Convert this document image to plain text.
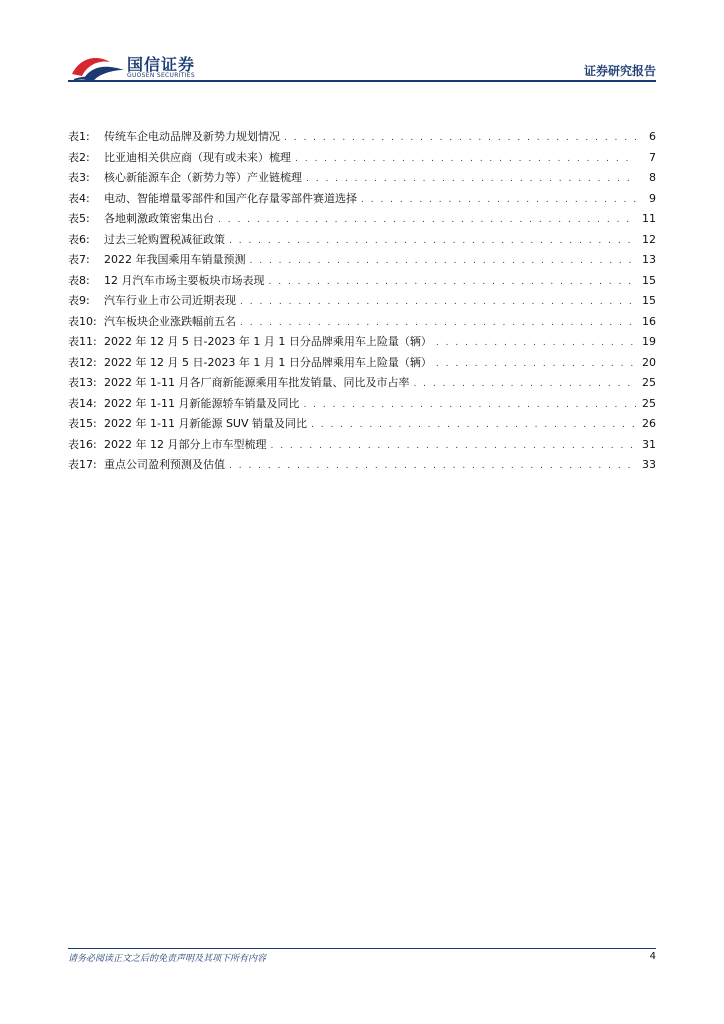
国信证券
GUOSEN SECURITIES	证券研究报告
表1:	传统车企电动品牌及新势力规划情况 . . .	6
表2:	比亚迪相关供应商（现有或未来）梳理 . . .	7
表3:	核心新能源车企（新势力等）产业链梳理 . . .	8
表4:	电动、智能增量零部件和国产化存量零部件赛道选择 . . .	9
表5:	各地刺激政策密集出台 . . .	11
表6:	过去三轮购置税减征政策 . . .	12
表7:	2022 年我国乘用车销量预测 . . .	13
表8:	12 月汽车市场主要板块市场表现 . . .	15
表9:	汽车行业上市公司近期表现 . . .	15
表10: 汽车板块企业涨跌幅前五名 . . .	16
表11: 2022 年 12 月 5 日-2023 年 1 月 1 日分品牌乘用车上险量（辆） . . .	19
表12: 2022 年 12 月 5 日-2023 年 1 月 1 日分品牌乘用车上险量（辆） . . .	20
表13: 2022 年 1-11 月各厂商新能源乘用车批发销量、同比及市占率 . . .	25
表14: 2022 年 1-11 月新能源轿车销量及同比 . . .	25
表15: 2022 年 1-11 月新能源 SUV 销量及同比 . . .	26
表16: 2022 年 12 月部分上市车型梳理 . . .	31
表17: 重点公司盈利预测及估值 . . .	33
请务必阅读正文之后的免责声明及其项下所有内容	4
